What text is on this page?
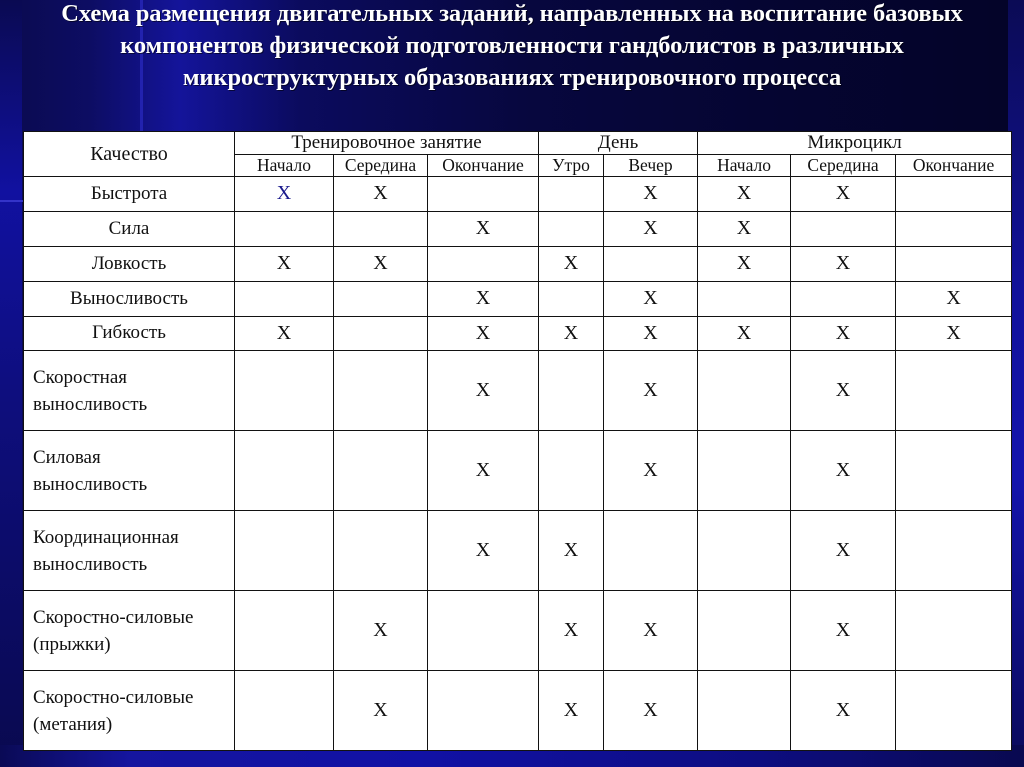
Схема размещения двигательных заданий, направленных на воспитание базовых компонентов физической подготовленности гандболистов в различных микроструктурных образованиях тренировочного процесса
Качество	Тренировочное занятие			День		Микроцикл		
	Начало	Середина	Окончание	Утро	Вечер	Начало	Середина	Окончание
Быстрота	X	X			X	X	X	
Сила			X		X	X		
Ловкость	X	X		X		X	X	
Выносливость			X		X			X
Гибкость	X		X	X	X	X	X	X
Скоростная
выносливость			X		X		X	
Силовая
выносливость			X		X		X	
Координационная
выносливость			X	X			X	
Скоростно-силовые
(прыжки)		X		X	X		X	
Скоростно-силовые
(метания)		X		X	X		X	
